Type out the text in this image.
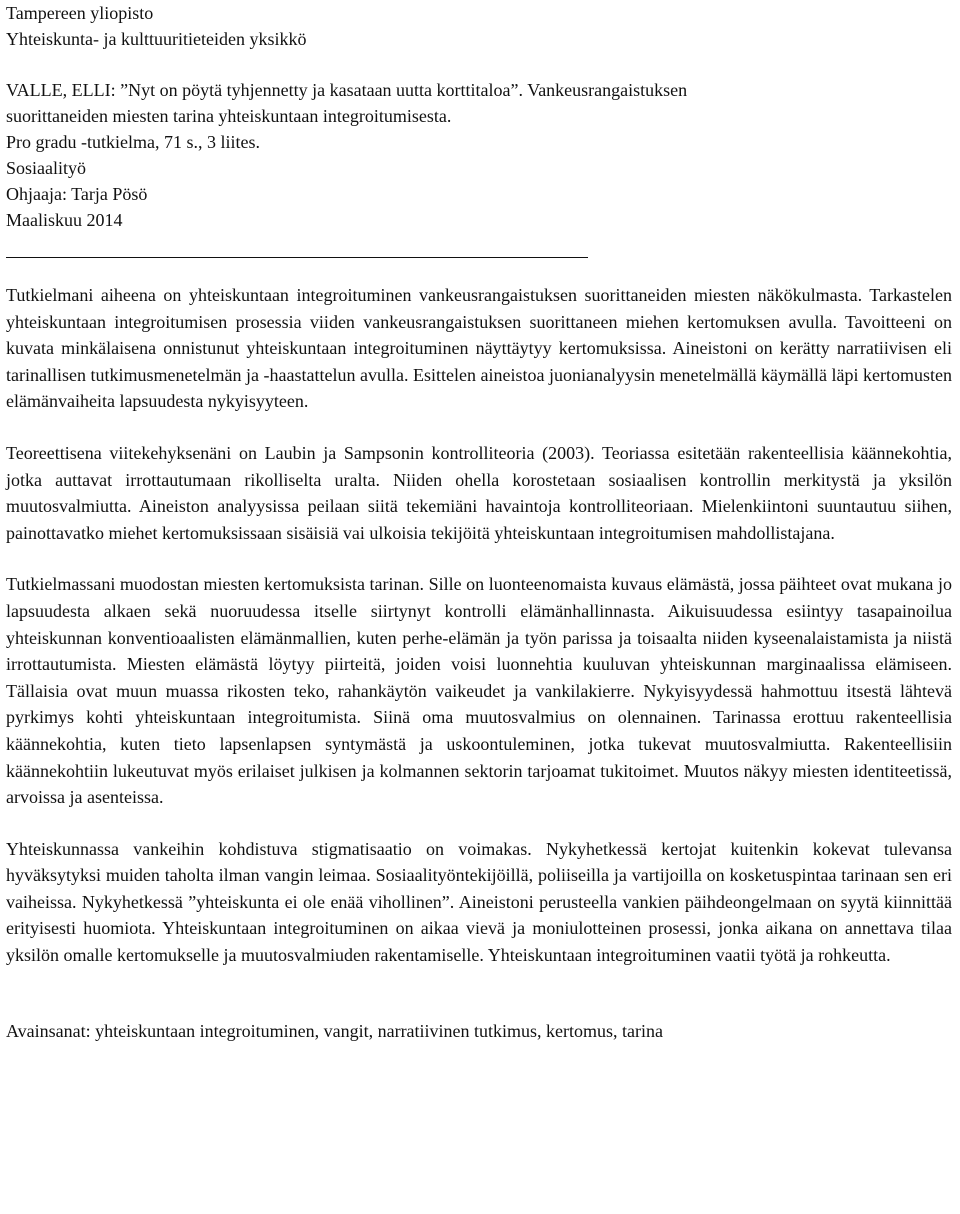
Tampereen yliopisto
Yhteiskunta- ja kulttuuritieteiden yksikkö
VALLE, ELLI: ”Nyt on pöytä tyhjennetty ja kasataan uutta korttitaloa”. Vankeusrangaistuksen
suorittaneiden miesten tarina yhteiskuntaan integroitumisesta.
Pro gradu -tutkielma, 71 s., 3 liites.
Sosiaalityö
Ohjaaja: Tarja Pösö
Maaliskuu 2014

Tutkielmani aiheena on yhteiskuntaan integroituminen vankeusrangaistuksen suorittaneiden miesten näkökulmasta. Tarkastelen yhteiskuntaan integroitumisen prosessia viiden vankeusrangaistuksen suorittaneen miehen kertomuksen avulla. Tavoitteeni on kuvata minkälaisena onnistunut yhteiskuntaan integroituminen näyttäytyy kertomuksissa. Aineistoni on kerätty narratiivisen eli tarinallisen tutkimusmenetelmän ja -haastattelun avulla. Esittelen aineistoa juonianalyysin menetelmällä käymällä läpi kertomusten elämänvaiheita lapsuudesta nykyisyyteen.

Teoreettisena viitekehyksenäni on Laubin ja Sampsonin kontrolliteoria (2003). Teoriassa esitetään rakenteellisia käännekohtia, jotka auttavat irrottautumaan rikolliselta uralta. Niiden ohella korostetaan sosiaalisen kontrollin merkitystä ja yksilön muutosvalmiutta. Aineiston analyysissa peilaan siitä tekemiäni havaintoja kontrolliteoriaan. Mielenkiintoni suuntautuu siihen, painottavatko miehet kertomuksissaan sisäisiä vai ulkoisia tekijöitä yhteiskuntaan integroitumisen mahdollistajana.

Tutkielmassani muodostan miesten kertomuksista tarinan. Sille on luonteenomaista kuvaus elämästä, jossa päihteet ovat mukana jo lapsuudesta alkaen sekä nuoruudessa itselle siirtynyt kontrolli elämänhallinnasta. Aikuisuudessa esiintyy tasapainoilua yhteiskunnan konventioaalisten elämänmallien, kuten perhe-elämän ja työn parissa ja toisaalta niiden kyseenalaistamista ja niistä irrottautumista. Miesten elämästä löytyy piirteitä, joiden voisi luonnehtia kuuluvan yhteiskunnan marginaalissa elämiseen. Tällaisia ovat muun muassa rikosten teko, rahankäytön vaikeudet ja vankilakierre. Nykyisyydessä hahmottuu itsestä lähtevä pyrkimys kohti yhteiskuntaan integroitumista. Siinä oma muutosvalmius on olennainen. Tarinassa erottuu rakenteellisia käännekohtia, kuten tieto lapsenlapsen syntymästä ja uskoontuleminen, jotka tukevat muutosvalmiutta. Rakenteellisiin käännekohtiin lukeutuvat myös erilaiset julkisen ja kolmannen sektorin tarjoamat tukitoimet. Muutos näkyy miesten identiteetissä, arvoissa ja asenteissa.

Yhteiskunnassa vankeihin kohdistuva stigmatisaatio on voimakas. Nykyhetkessä kertojat kuitenkin kokevat tulevansa hyväksytyksi muiden taholta ilman vangin leimaa. Sosiaalityöntekijöillä, poliiseilla ja vartijoilla on kosketuspintaa tarinaan sen eri vaiheissa. Nykyhetkessä ”yhteiskunta ei ole enää vihollinen”. Aineistoni perusteella vankien päihdeongelmaan on syytä kiinnittää erityisesti huomiota. Yhteiskuntaan integroituminen on aikaa vievä ja moniulotteinen prosessi, jonka aikana on annettava tilaa yksilön omalle kertomukselle ja muutosvalmiuden rakentamiselle. Yhteiskuntaan integroituminen vaatii työtä ja rohkeutta.

Avainsanat: yhteiskuntaan integroituminen, vangit, narratiivinen tutkimus, kertomus, tarina
